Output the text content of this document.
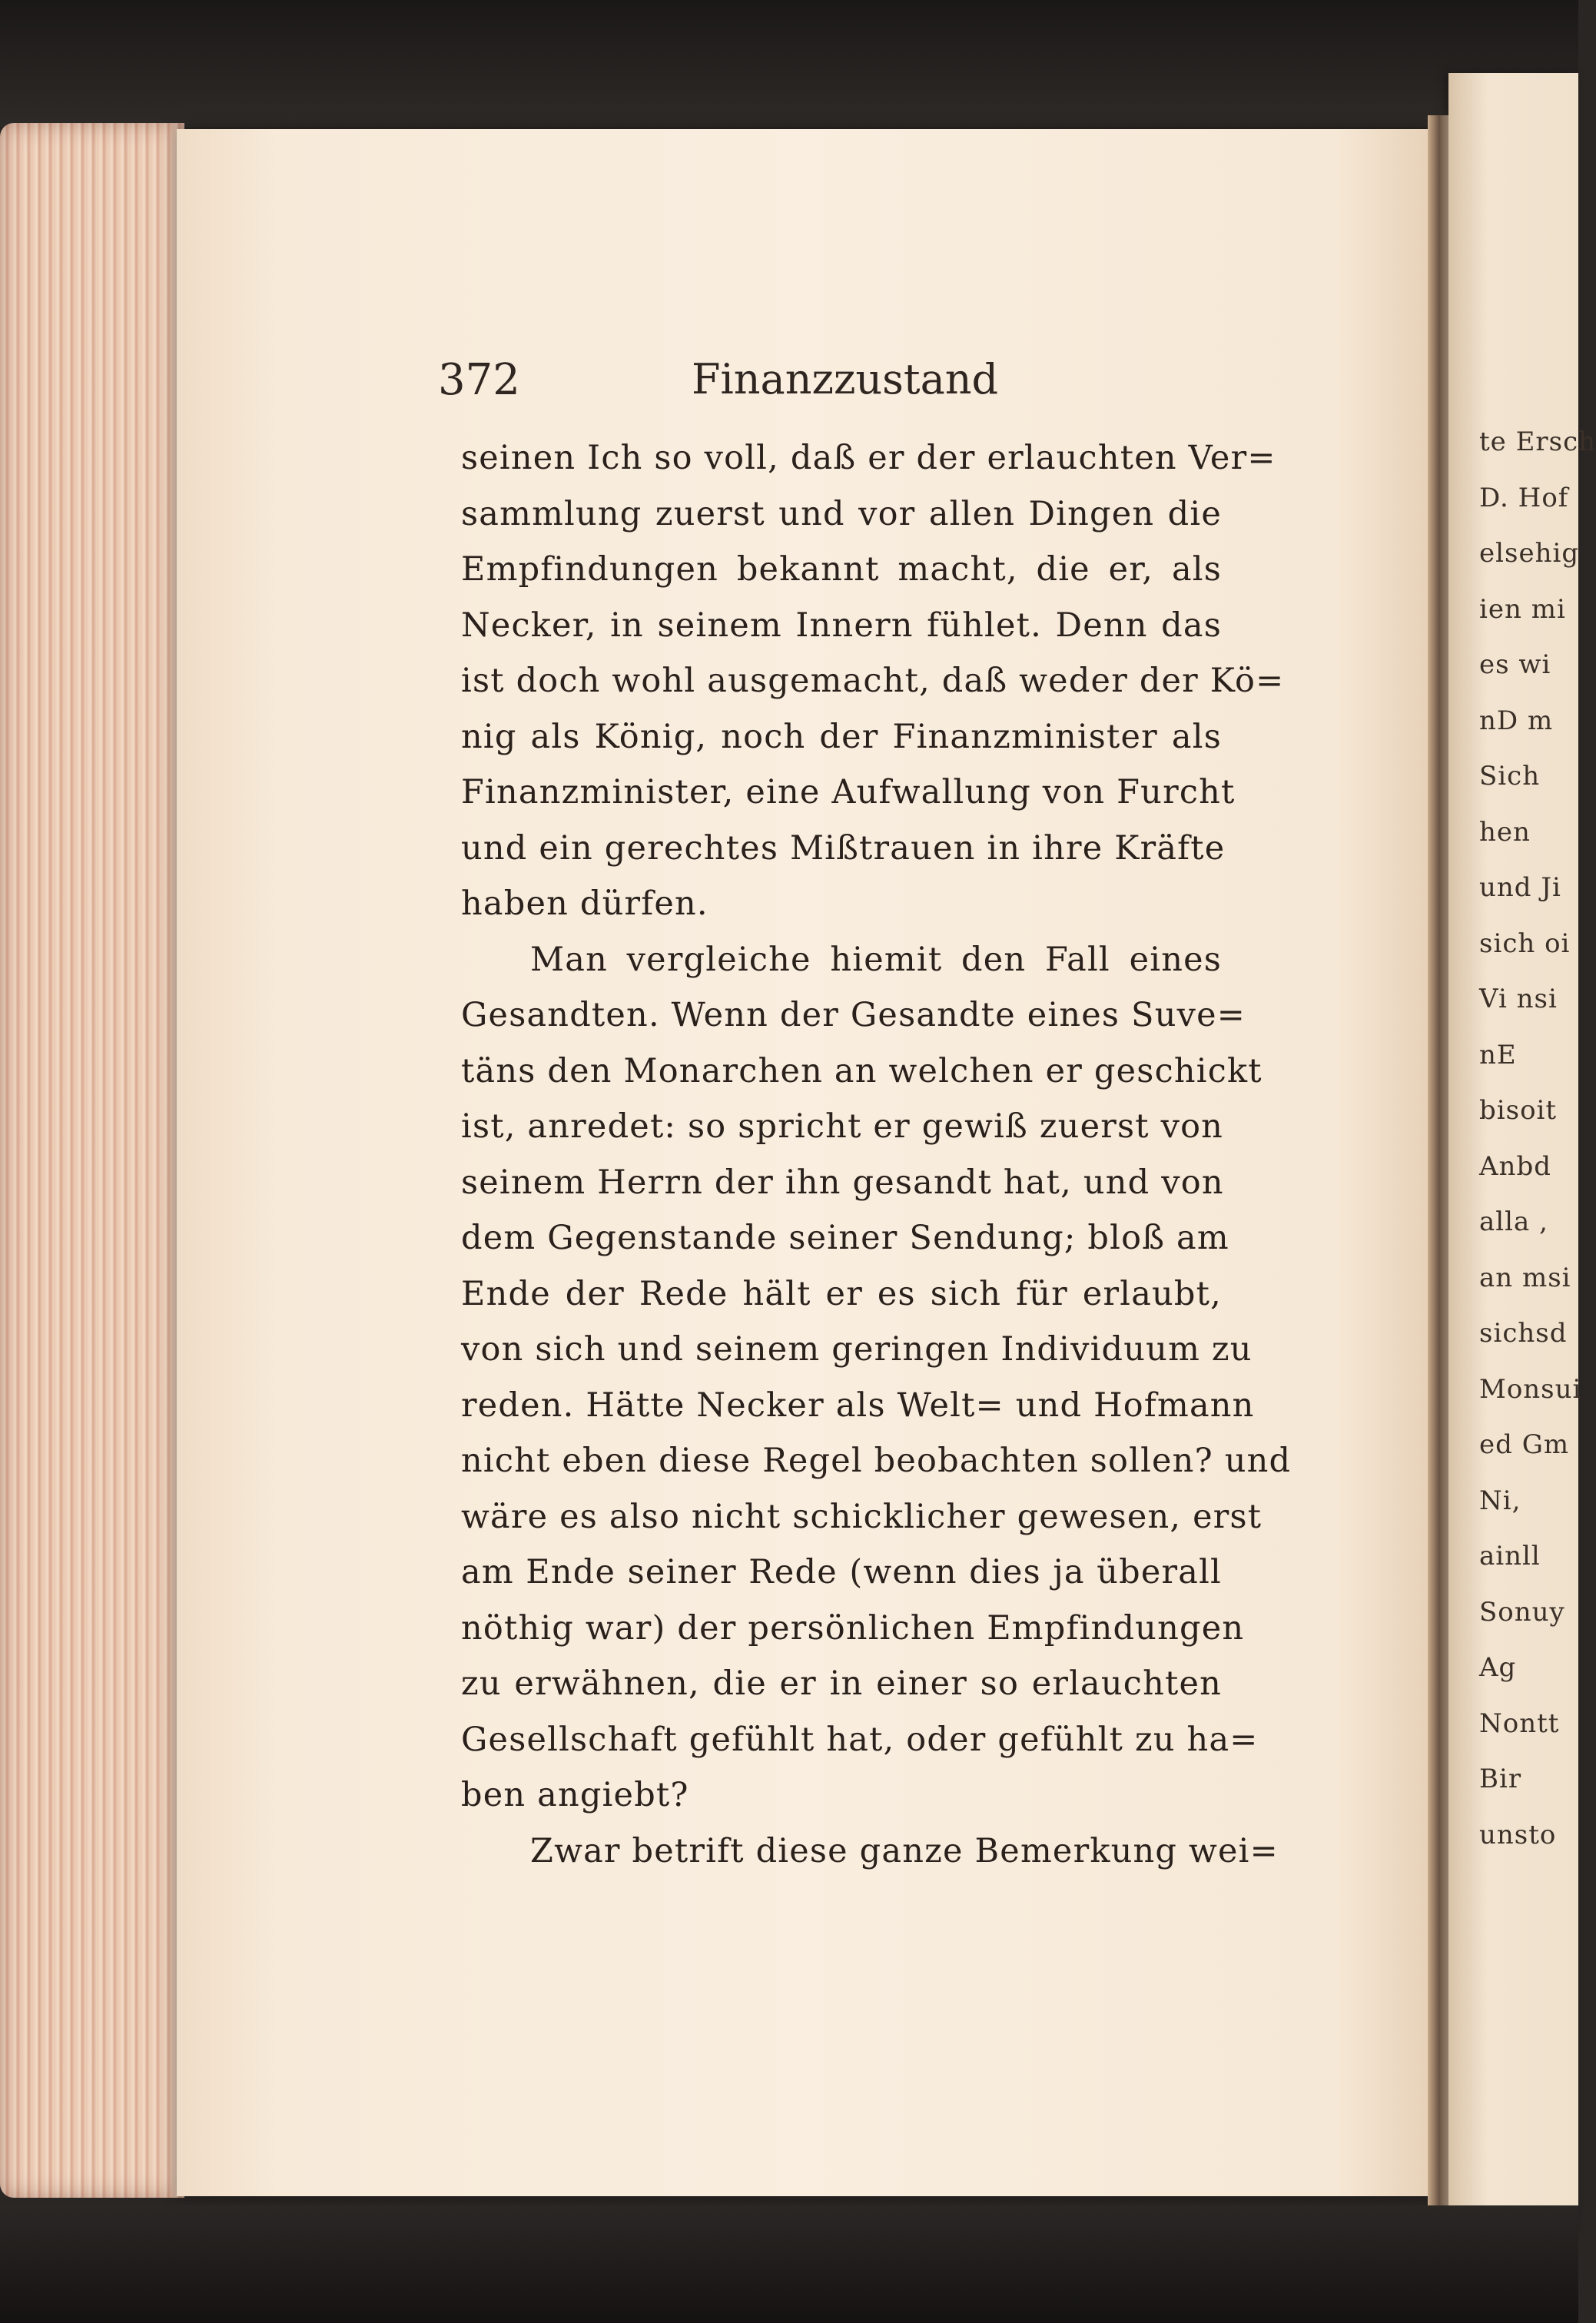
te Ersch
D. Hof
elsehig
ien mi
es wi
nD m
Sich
hen
und Ji
sich oi
Vi nsi
nE
bisoit
Anbd
alla ,
an msi
sichsd
Monsui
ed Gm
Ni,
ainll
Sonuy
Ag
Nontt
Bir
unsto
372	Finanzzustand
seinen Ich so voll, daß er der erlauchten Ver=
sammlung zuerst und vor allen Dingen die
Empfindungen bekannt macht, die er, als
Necker, in seinem Innern fühlet. Denn das
ist doch wohl ausgemacht, daß weder der Kö=
nig als König, noch der Finanzminister als
Finanzminister, eine Aufwallung von Furcht
und ein gerechtes Mißtrauen in ihre Kräfte
haben dürfen.
Man vergleiche hiemit den Fall eines
Gesandten. Wenn der Gesandte eines Suve=
täns den Monarchen an welchen er geschickt
ist, anredet: so spricht er gewiß zuerst von
seinem Herrn der ihn gesandt hat, und von
dem Gegenstande seiner Sendung; bloß am
Ende der Rede hält er es sich für erlaubt,
von sich und seinem geringen Individuum zu
reden. Hätte Necker als Welt= und Hofmann
nicht eben diese Regel beobachten sollen? und
wäre es also nicht schicklicher gewesen, erst
am Ende seiner Rede (wenn dies ja überall
nöthig war) der persönlichen Empfindungen
zu erwähnen, die er in einer so erlauchten
Gesellschaft gefühlt hat, oder gefühlt zu ha=
ben angiebt?
Zwar betrift diese ganze Bemerkung wei=
